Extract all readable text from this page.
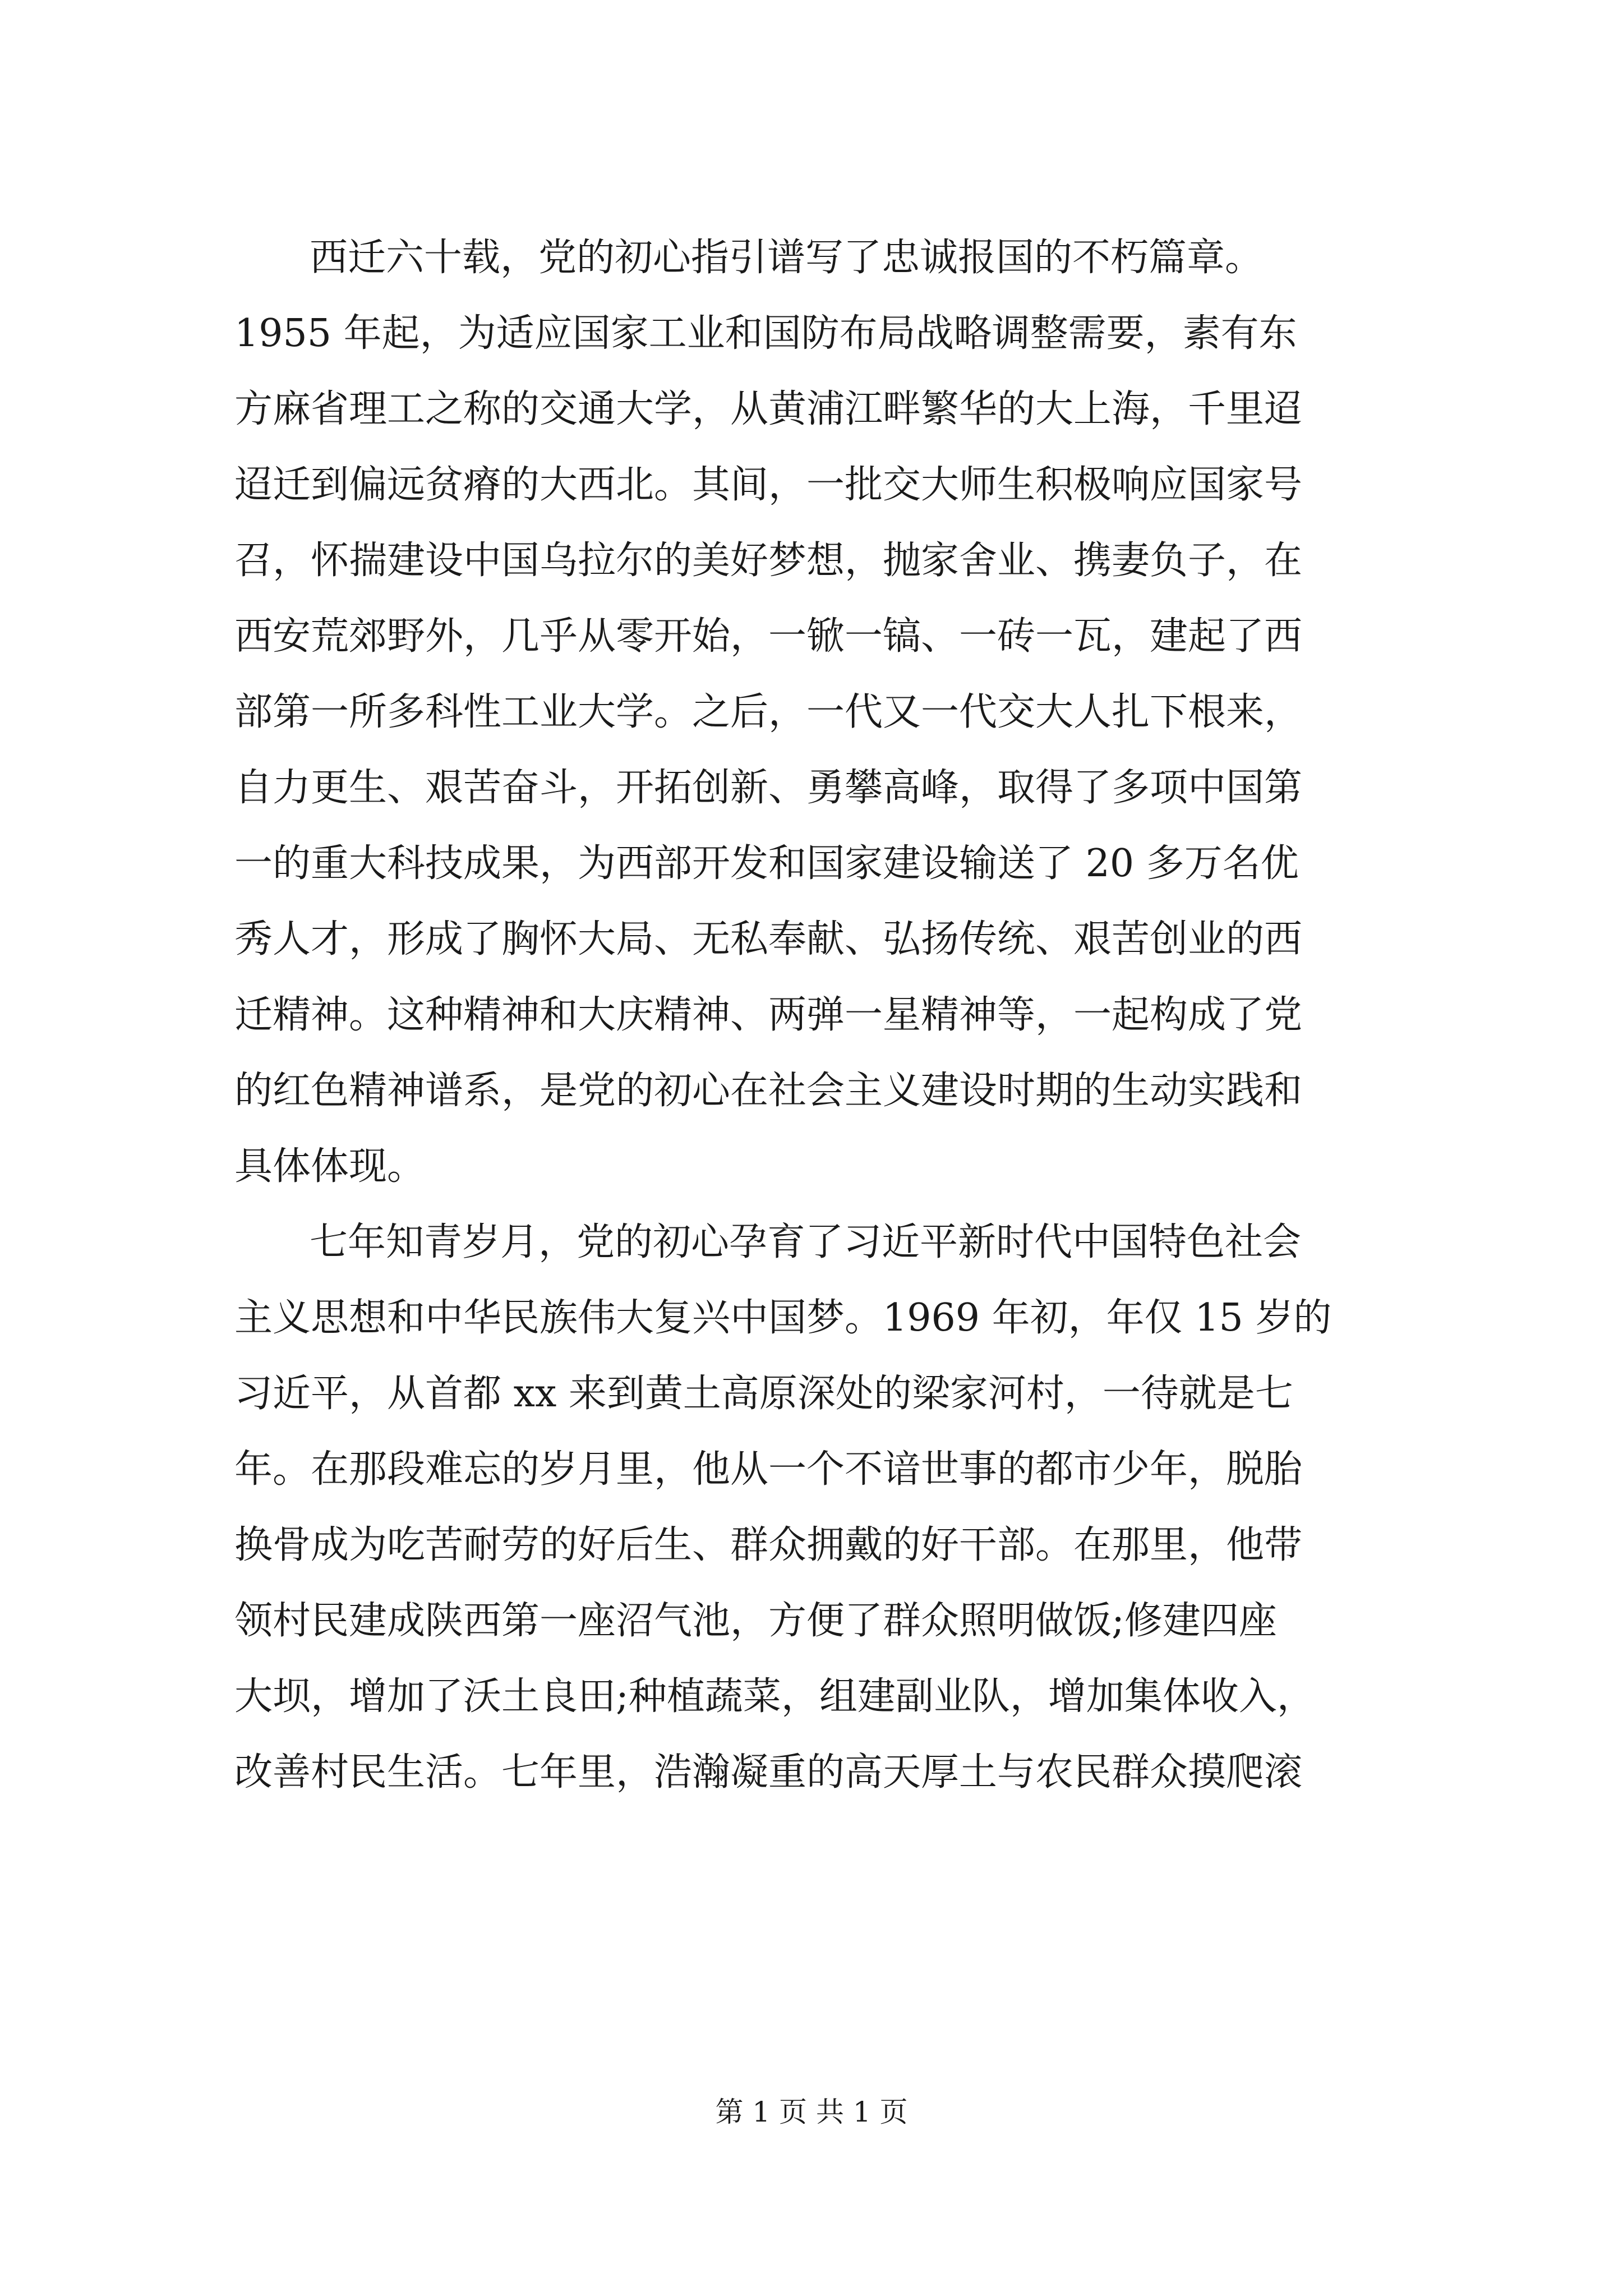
西迁六十载，党的初心指引谱写了忠诚报国的不朽篇章。
1955 年起，为适应国家工业和国防布局战略调整需要，素有东
方麻省理工之称的交通大学，从黄浦江畔繁华的大上海，千里迢
迢迁到偏远贫瘠的大西北。其间，一批交大师生积极响应国家号
召，怀揣建设中国乌拉尔的美好梦想，抛家舍业、携妻负子，在
西安荒郊野外，几乎从零开始，一锨一镐、一砖一瓦，建起了西
部第一所多科性工业大学。之后，一代又一代交大人扎下根来，
自力更生、艰苦奋斗，开拓创新、勇攀高峰，取得了多项中国第
一的重大科技成果，为西部开发和国家建设输送了 20 多万名优
秀人才，形成了胸怀大局、无私奉献、弘扬传统、艰苦创业的西
迁精神。这种精神和大庆精神、两弹一星精神等，一起构成了党
的红色精神谱系，是党的初心在社会主义建设时期的生动实践和
具体体现。
七年知青岁月，党的初心孕育了习近平新时代中国特色社会
主义思想和中华民族伟大复兴中国梦。1969 年初，年仅 15 岁的
习近平，从首都 xx 来到黄土高原深处的梁家河村，一待就是七
年。在那段难忘的岁月里，他从一个不谙世事的都市少年，脱胎
换骨成为吃苦耐劳的好后生、群众拥戴的好干部。在那里，他带
领村民建成陕西第一座沼气池，方便了群众照明做饭;修建四座
大坝，增加了沃土良田;种植蔬菜，组建副业队，增加集体收入，
改善村民生活。七年里，浩瀚凝重的高天厚土与农民群众摸爬滚
第 1 页 共 1 页
